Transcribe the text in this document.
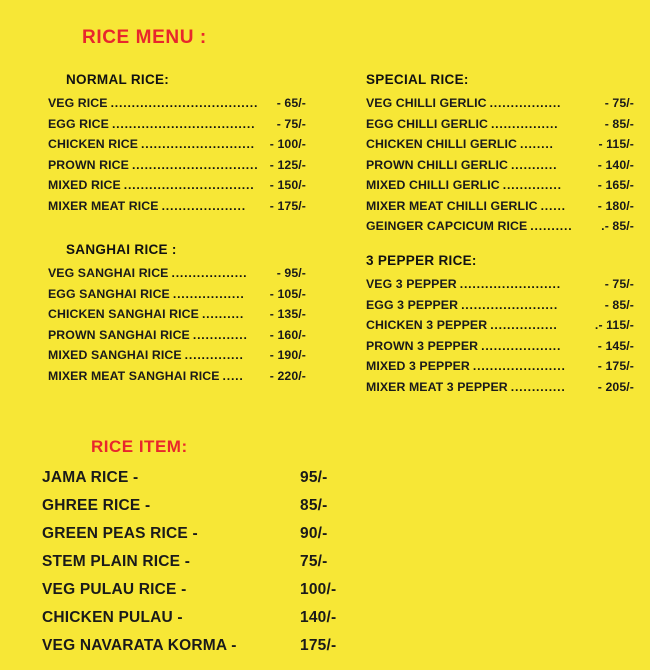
RICE MENU :
NORMAL RICE:
VEG RICE ...................................	- 65/-
EGG RICE ..................................	- 75/-
CHICKEN RICE ...........................	- 100/-
PROWN RICE .............................. - 125/-
MIXED RICE ...............................	- 150/-
MIXER MEAT RICE ....................	- 175/-
SANGHAI RICE :
VEG SANGHAI RICE ..................	- 95/-
EGG SANGHAI RICE .................	- 105/-
CHICKEN SANGHAI RICE ..........	- 135/-
PROWN SANGHAI RICE .............	- 160/-
MIXED SANGHAI RICE ..............	- 190/-
MIXER MEAT SANGHAI RICE .....	- 220/-
SPECIAL RICE:
VEG CHILLI GERLIC .................	- 75/-
EGG CHILLI GERLIC ................	- 85/-
CHICKEN CHILLI GERLIC ........	- 115/-
PROWN CHILLI GERLIC ...........	- 140/-
MIXED CHILLI GERLIC ..............	- 165/-
MIXER MEAT CHILLI GERLIC ......	- 180/-
GEINGER CAPCICUM RICE ..........	.- 85/-
3 PEPPER RICE:
VEG 3 PEPPER ........................	- 75/-
EGG 3 PEPPER .......................	- 85/-
CHICKEN 3 PEPPER ................	.- 115/-
PROWN 3 PEPPER ...................	- 145/-
MIXED 3 PEPPER ......................	- 175/-
MIXER MEAT 3 PEPPER .............	- 205/-
RICE ITEM:
JAMA RICE -	95/-
GHREE RICE -	85/-
GREEN PEAS RICE -	90/-
STEM PLAIN RICE -	75/-
VEG PULAU RICE -	100/-
CHICKEN PULAU -	140/-
VEG NAVARATA KORMA -	175/-
